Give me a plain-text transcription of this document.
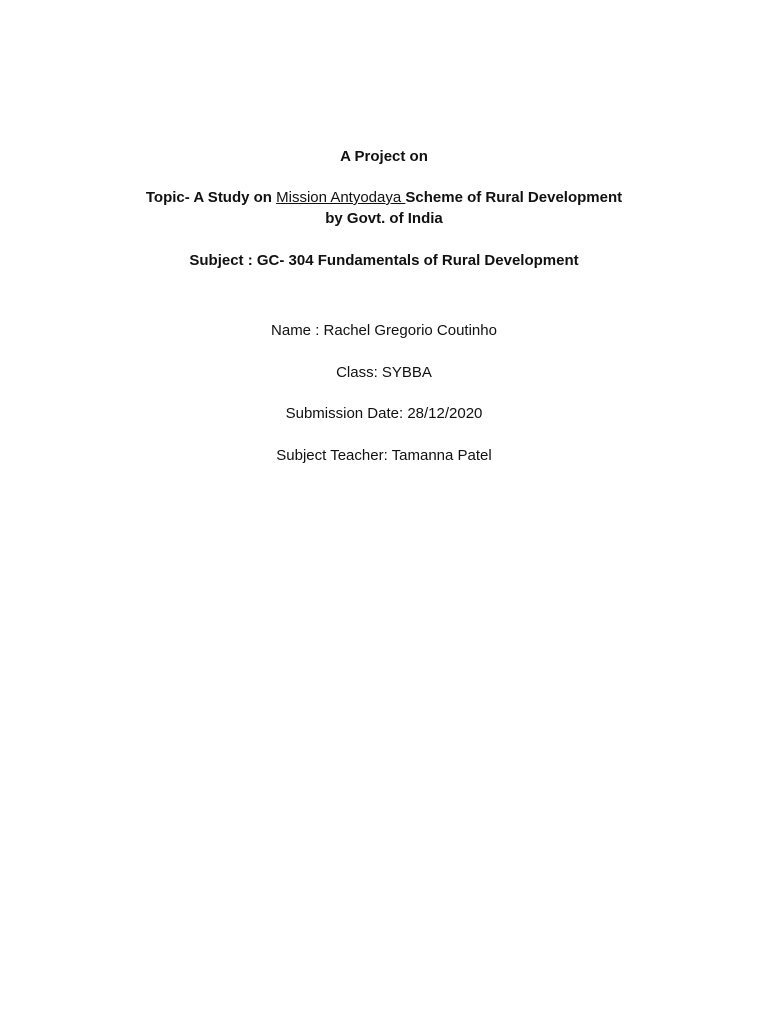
A Project on
Topic- A Study on Mission Antyodaya Scheme of Rural Development
by Govt. of India
Subject : GC- 304 Fundamentals of Rural Development
Name : Rachel Gregorio Coutinho
Class: SYBBA
Submission Date: 28/12/2020
Subject Teacher: Tamanna Patel
